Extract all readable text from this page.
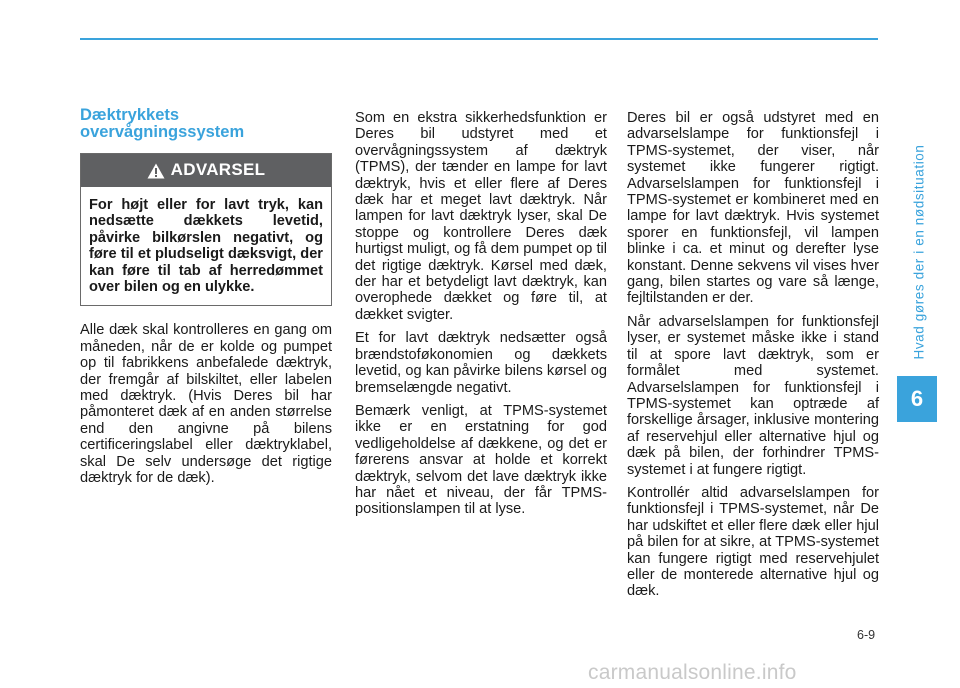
Dæktrykkets overvågningssystem
ADVARSEL
For højt eller for lavt tryk, kan nedsætte dækkets levetid, påvirke bilkørslen negativt, og føre til et pludseligt dæksvigt, der kan føre til tab af herredømmet over bilen og en ulykke.

Alle dæk skal kontrolleres en gang om måneden, når de er kolde og pumpet op til fabrikkens anbefalede dæktryk, der fremgår af bilskiltet, eller labelen med dæktryk. (Hvis Deres bil har påmonteret dæk af en anden størrelse end den angivne på bilens certificeringslabel eller dæktryklabel, skal De selv undersøge det rigtige dæktryk for de dæk).

Som en ekstra sikkerhedsfunktion er Deres bil udstyret med et overvågningssystem af dæktryk (TPMS), der tænder en lampe for lavt dæktryk, hvis et eller flere af Deres dæk har et meget lavt dæktryk. Når lampen for lavt dæktryk lyser, skal De stoppe og kontrollere Deres dæk hurtigst muligt, og få dem pumpet op til det rigtige dæktryk. Kørsel med dæk, der har et betydeligt lavt dæktryk, kan overophede dækket og føre til, at dækket svigter.

Et for lavt dæktryk nedsætter også brændstoføkonomien og dækkets levetid, og kan påvirke bilens kørsel og bremselængde negativt.

Bemærk venligt, at TPMS-systemet ikke er en erstatning for god vedligeholdelse af dækkene, og det er førerens ansvar at holde et korrekt dæktryk, selvom det lave dæktryk ikke har nået et niveau, der får TPMS-positionslampen til at lyse.

Deres bil er også udstyret med en advarselslampe for funktionsfejl i TPMS-systemet, der viser, når systemet ikke fungerer rigtigt. Advarselslampen for funktionsfejl i TPMS-systemet er kombineret med en lampe for lavt dæktryk. Hvis systemet sporer en funktionsfejl, vil lampen blinke i ca. et minut og derefter lyse konstant. Denne sekvens vil vises hver gang, bilen startes og vare så længe, fejltilstanden er der.

Når advarselslampen for funktionsfejl lyser, er systemet måske ikke i stand til at spore lavt dæktryk, som er formålet med systemet. Advarselslampen for funktionsfejl i TPMS-systemet kan optræde af forskellige årsager, inklusive montering af reservehjul eller alternative hjul og dæk på bilen, der forhindrer TPMS-systemet i at fungere rigtigt.

Kontrollér altid advarselslampen for funktionsfejl i TPMS-systemet, når De har udskiftet et eller flere dæk eller hjul på bilen for at sikre, at TPMS-systemet kan fungere rigtigt med reservehjulet eller de monterede alternative hjul og dæk.

Hvad gøres der i en nødsituation
6
6-9
carmanualsonline.info
